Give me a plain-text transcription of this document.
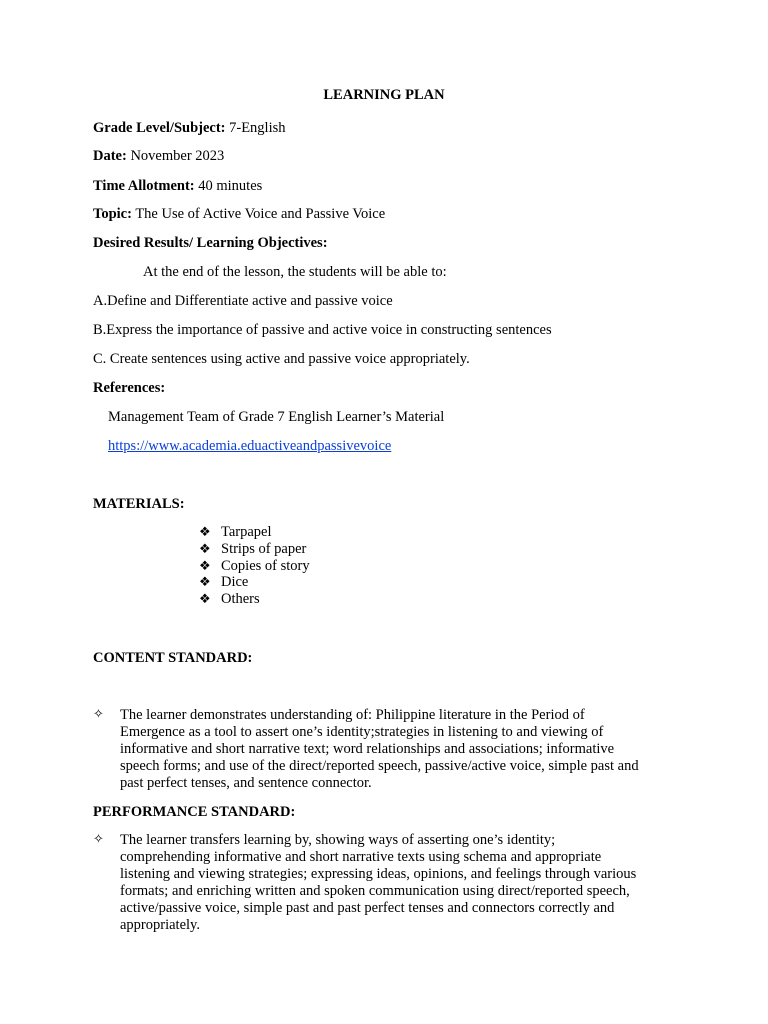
LEARNING PLAN
Grade Level/Subject: 7-English
Date: November 2023
Time Allotment: 40 minutes
Topic: The Use of Active Voice and Passive Voice
Desired Results/ Learning Objectives:
At the end of the lesson, the students will be able to:
A.Define and Differentiate active and passive voice
B.Express the importance of passive and active voice in constructing sentences
C. Create sentences using active and passive voice appropriately.
References:
Management Team of Grade 7 English Learner’s Material
https://www.academia.eduactiveandpassivevoice
MATERIALS:
❖ Tarpapel
❖ Strips of paper
❖ Copies of story
❖ Dice
❖ Others
CONTENT STANDARD:
✧ The learner demonstrates understanding of: Philippine literature in the Period of
Emergence as a tool to assert one’s identity;strategies in listening to and viewing of
informative and short narrative text; word relationships and associations; informative
speech forms; and use of the direct/reported speech, passive/active voice, simple past and
past perfect tenses, and sentence connector.
PERFORMANCE STANDARD:
✧ The learner transfers learning by, showing ways of asserting one’s identity;
comprehending informative and short narrative texts using schema and appropriate
listening and viewing strategies; expressing ideas, opinions, and feelings through various
formats; and enriching written and spoken communication using direct/reported speech,
active/passive voice, simple past and past perfect tenses and connectors correctly and
appropriately.
